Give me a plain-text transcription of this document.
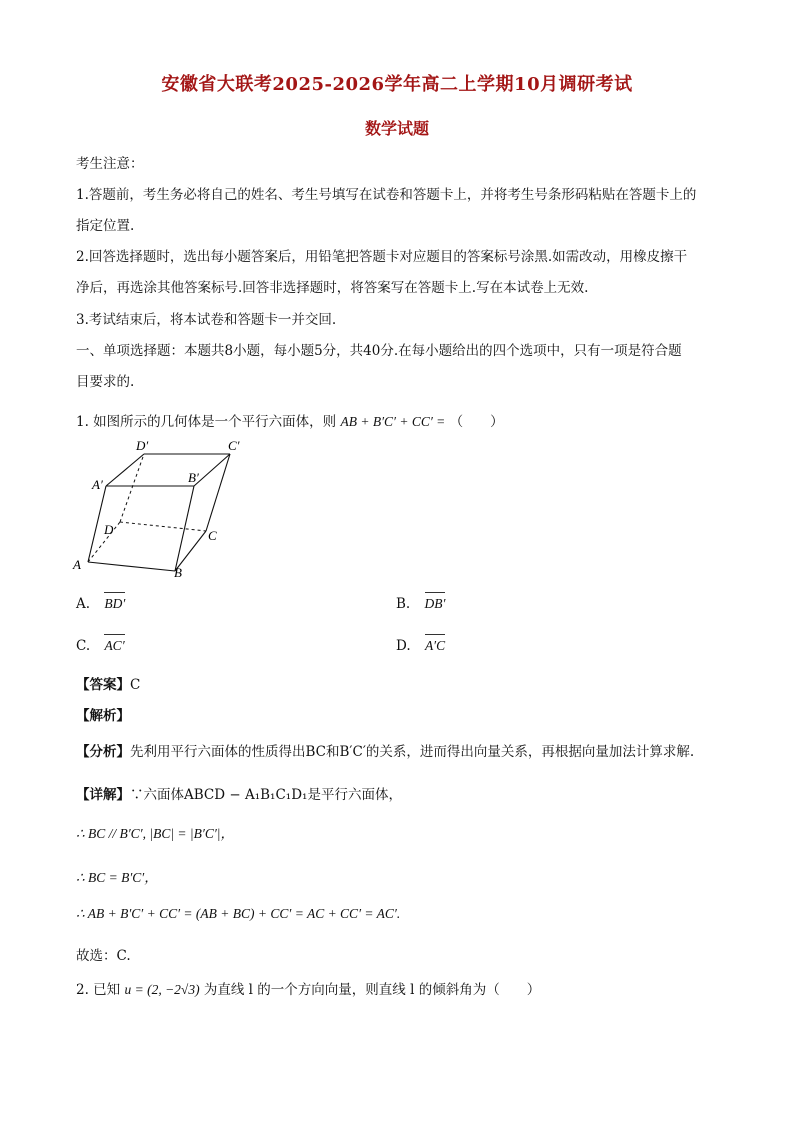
安徽省大联考2025-2026学年高二上学期10月调研考试
数学试题
考生注意：
1.答题前，考生务必将自己的姓名、考生号填写在试卷和答题卡上，并将考生号条形码粘贴在答题卡上的
指定位置.
2.回答选择题时，选出每小题答案后，用铅笔把答题卡对应题目的答案标号涂黑.如需改动，用橡皮擦干
净后，再选涂其他答案标号.回答非选择题时，将答案写在答题卡上.写在本试卷上无效.
3.考试结束后，将本试卷和答题卡一并交回.
一、单项选择题：本题共8小题，每小题5分，共40分.在每小题给出的四个选项中，只有一项是符合题
目要求的.
1. 如图所示的几何体是一个平行六面体，则 AB + B′C′ + CC′ = （　　）
D′	C′
A′	B′
D	C
A
B
A. BD′	B. DB′
C. AC′	D. A′C
【答案】C
【解析】
【分析】先利用平行六面体的性质得出BC和B′C′的关系，进而得出向量关系，再根据向量加法计算求解.
【详解】∵六面体ABCD − A₁B₁C₁D₁是平行六面体，
∴ BC // B′C′, |BC| = |B′C′|，
∴ BC = B′C′，
∴ AB + B′C′ + CC′ = (AB + BC) + CC′ = AC + CC′ = AC′.
故选：C.
2. 已知 u = (2, −2√3) 为直线 l 的一个方向向量，则直线 l 的倾斜角为（　　）
